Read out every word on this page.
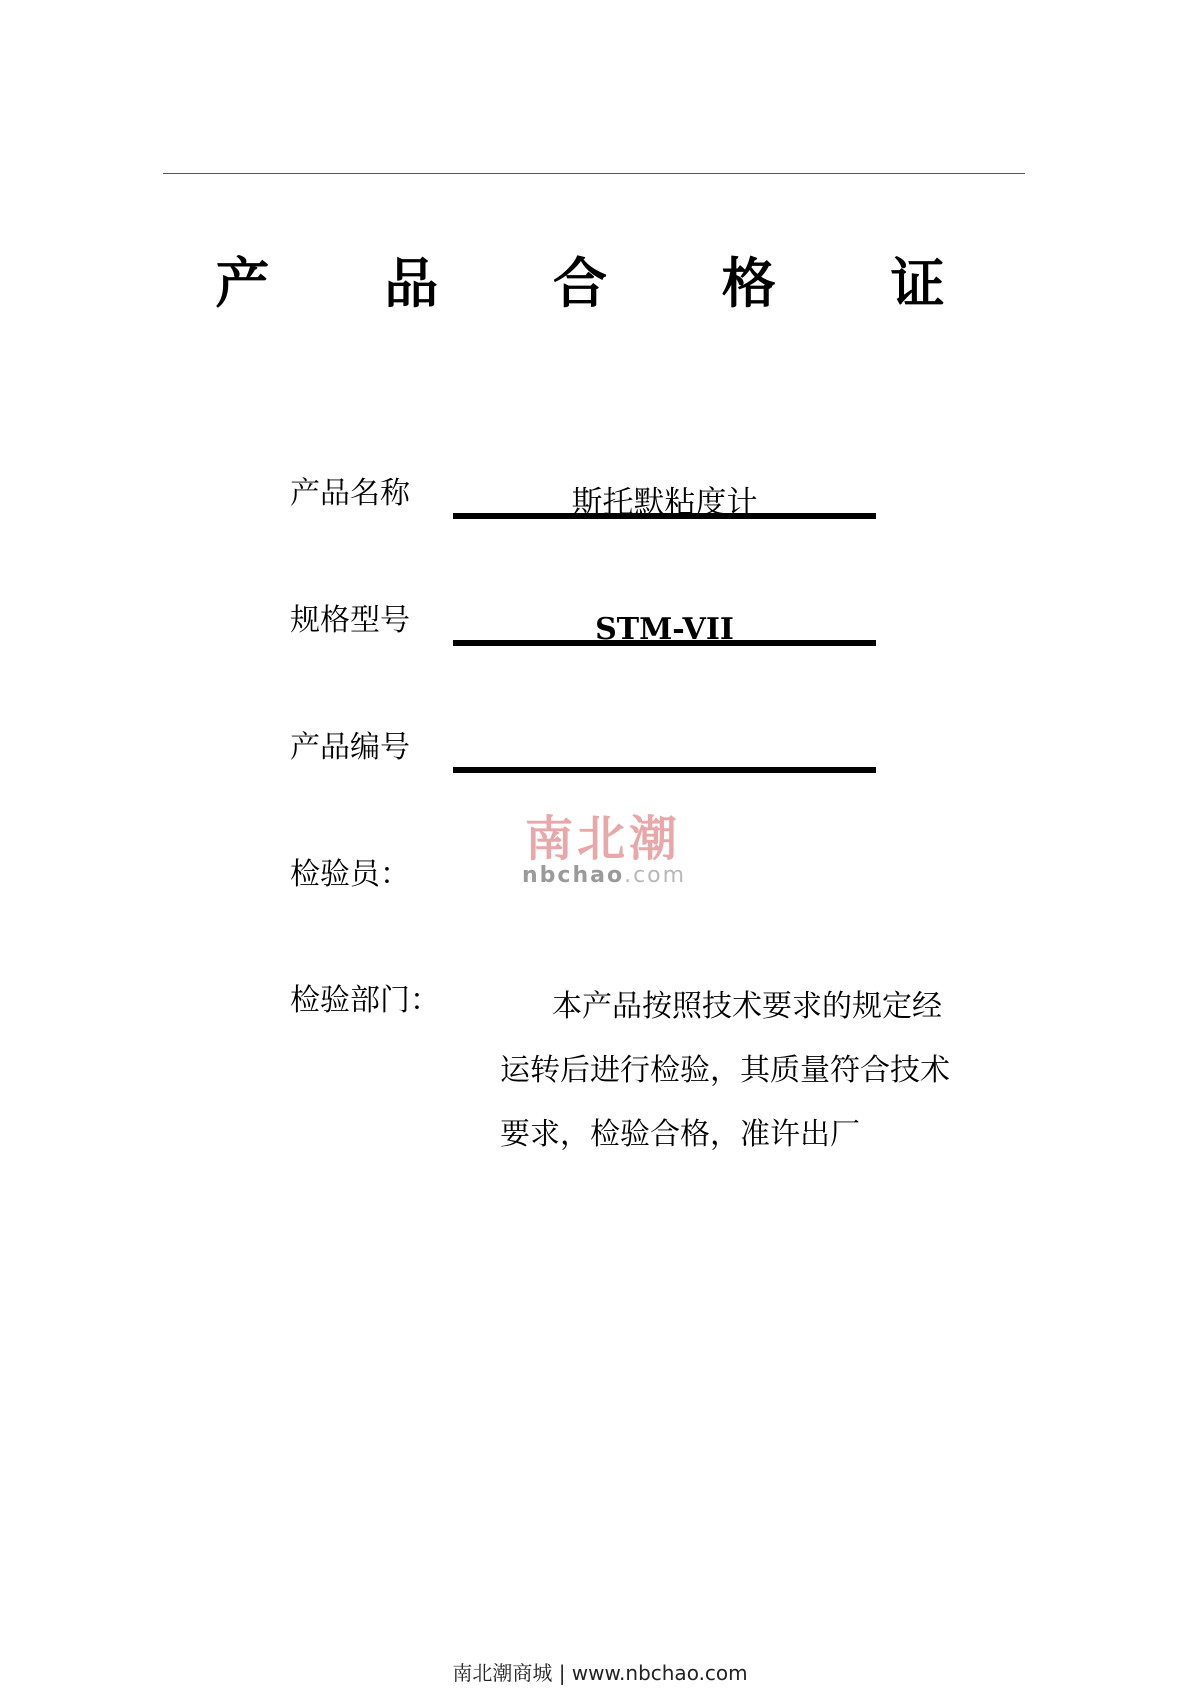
产 品 合 格 证
产品名称	斯托默粘度计
规格型号	STM-VII
产品编号
检验员：
南北潮
nbchao.com
检验部门：	本产品按照技术要求的规定经运转后进行检验，其质量符合技术要求，检验合格，准许出厂
南北潮商城 | www.nbchao.com
